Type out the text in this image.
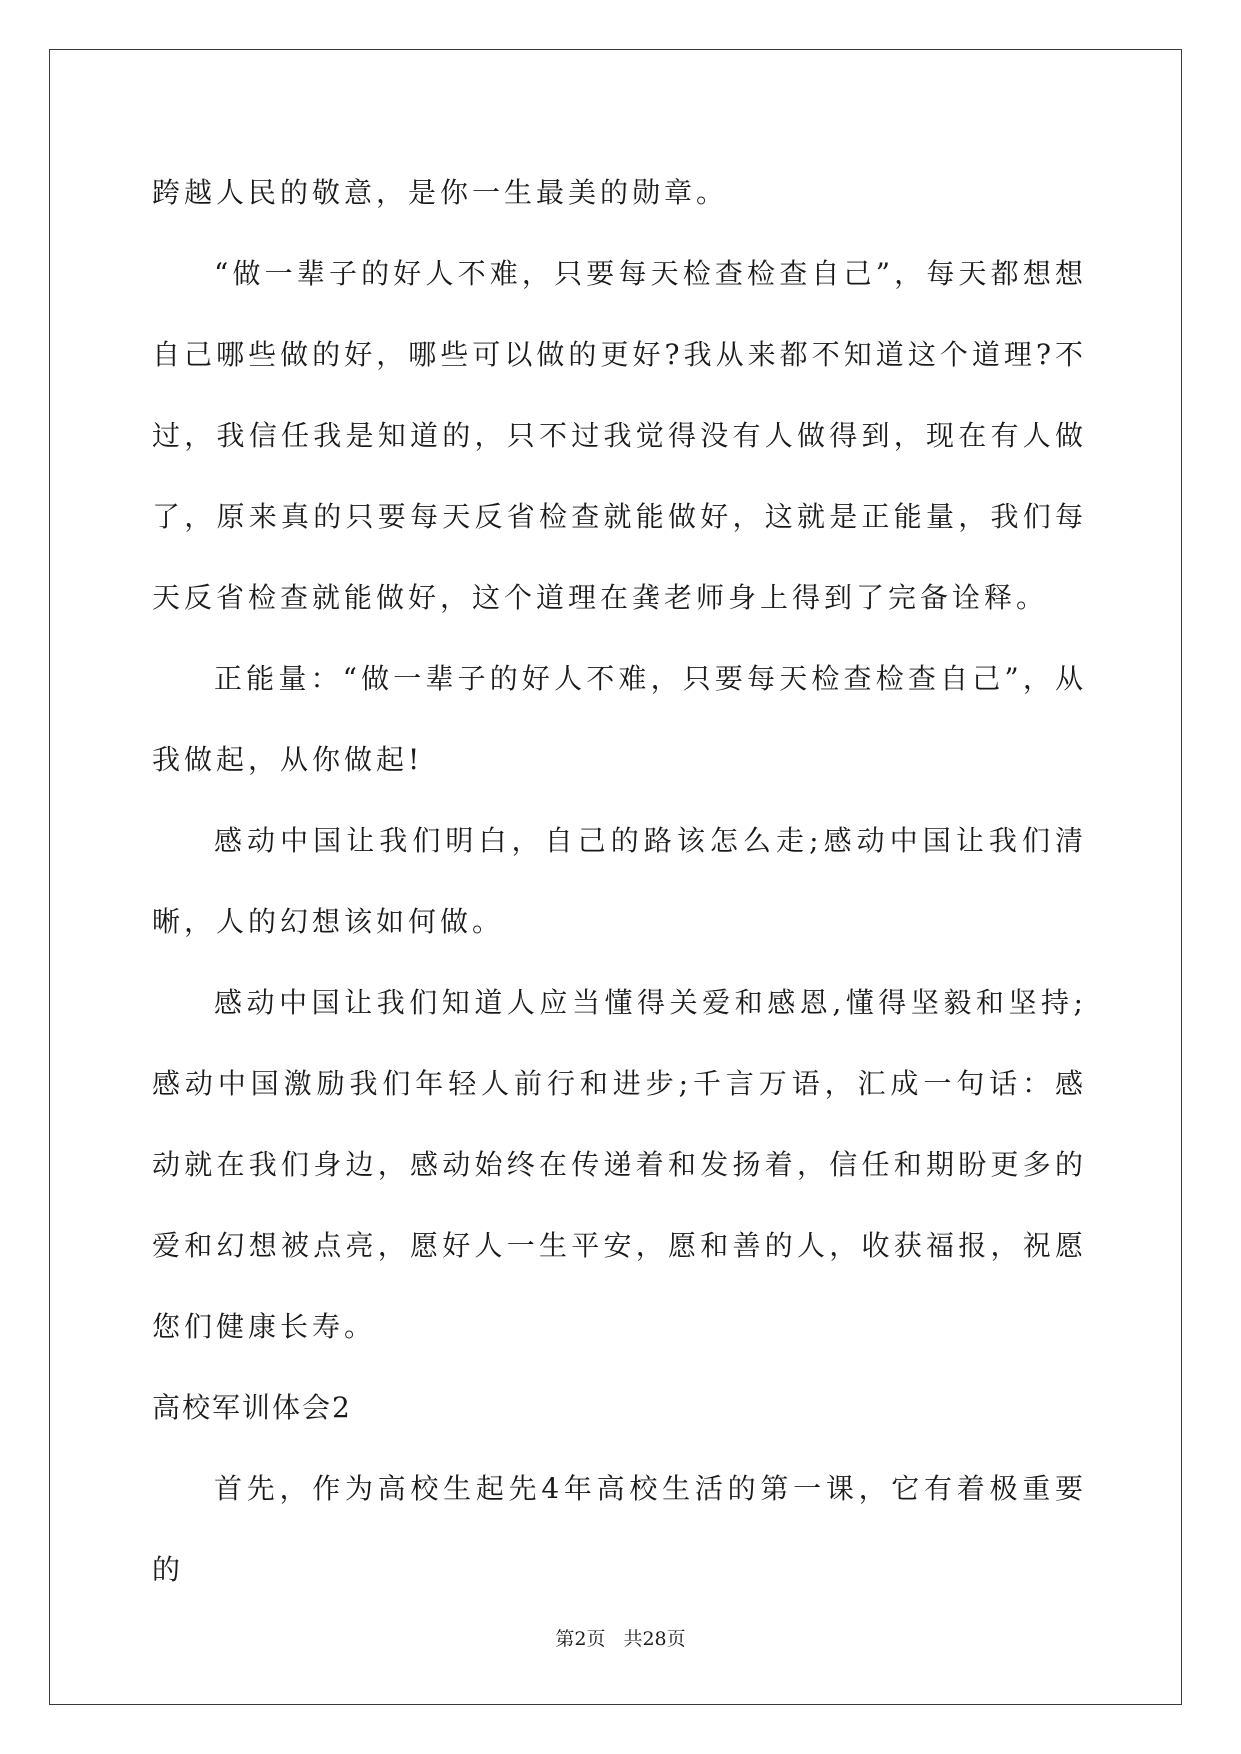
跨越人民的敬意，是你一生最美的勋章。

“做一辈子的好人不难，只要每天检查检查自己”，每天都想想自己哪些做的好，哪些可以做的更好?我从来都不知道这个道理?不过，我信任我是知道的，只不过我觉得没有人做得到，现在有人做了，原来真的只要每天反省检查就能做好，这就是正能量，我们每天反省检查就能做好，这个道理在龚老师身上得到了完备诠释。

正能量：“做一辈子的好人不难，只要每天检查检查自己”，从我做起，从你做起!

感动中国让我们明白，自己的路该怎么走;感动中国让我们清晰，人的幻想该如何做。

感动中国让我们知道人应当懂得关爱和感恩,懂得坚毅和坚持;感动中国激励我们年轻人前行和进步;千言万语，汇成一句话：感动就在我们身边，感动始终在传递着和发扬着，信任和期盼更多的爱和幻想被点亮，愿好人一生平安，愿和善的人，收获福报，祝愿您们健康长寿。

高校军训体会2

首先，作为高校生起先4年高校生活的第一课，它有着极重要的

第2页 共28页
